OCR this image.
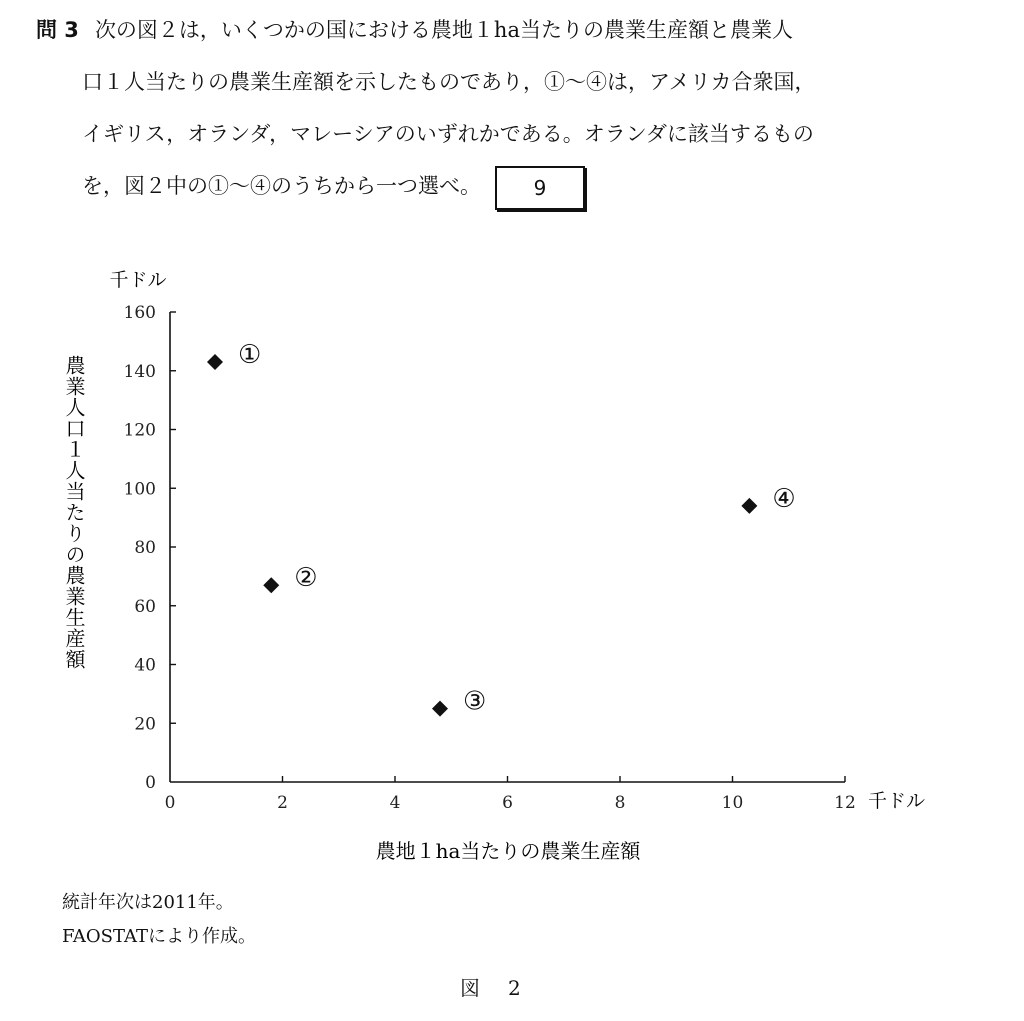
問 3 次の図２は，いくつかの国における農地１ha当たりの農業生産額と農業人
口１人当たりの農業生産額を示したものであり，①～④は，アメリカ合衆国，
イギリス，オランダ，マレーシアのいずれかである。オランダに該当するもの
を，図２中の①～④のうちから一つ選べ。	9
0
20
40
60
80
100
120
140
160
0	2	4	6	8	10	12
①
②
③
④
千ドル
千ドル
農地１ha当たりの農業生産額
農業人口１人当たりの農業生産額
統計年次は2011年。
FAOSTATにより作成。
図　2
